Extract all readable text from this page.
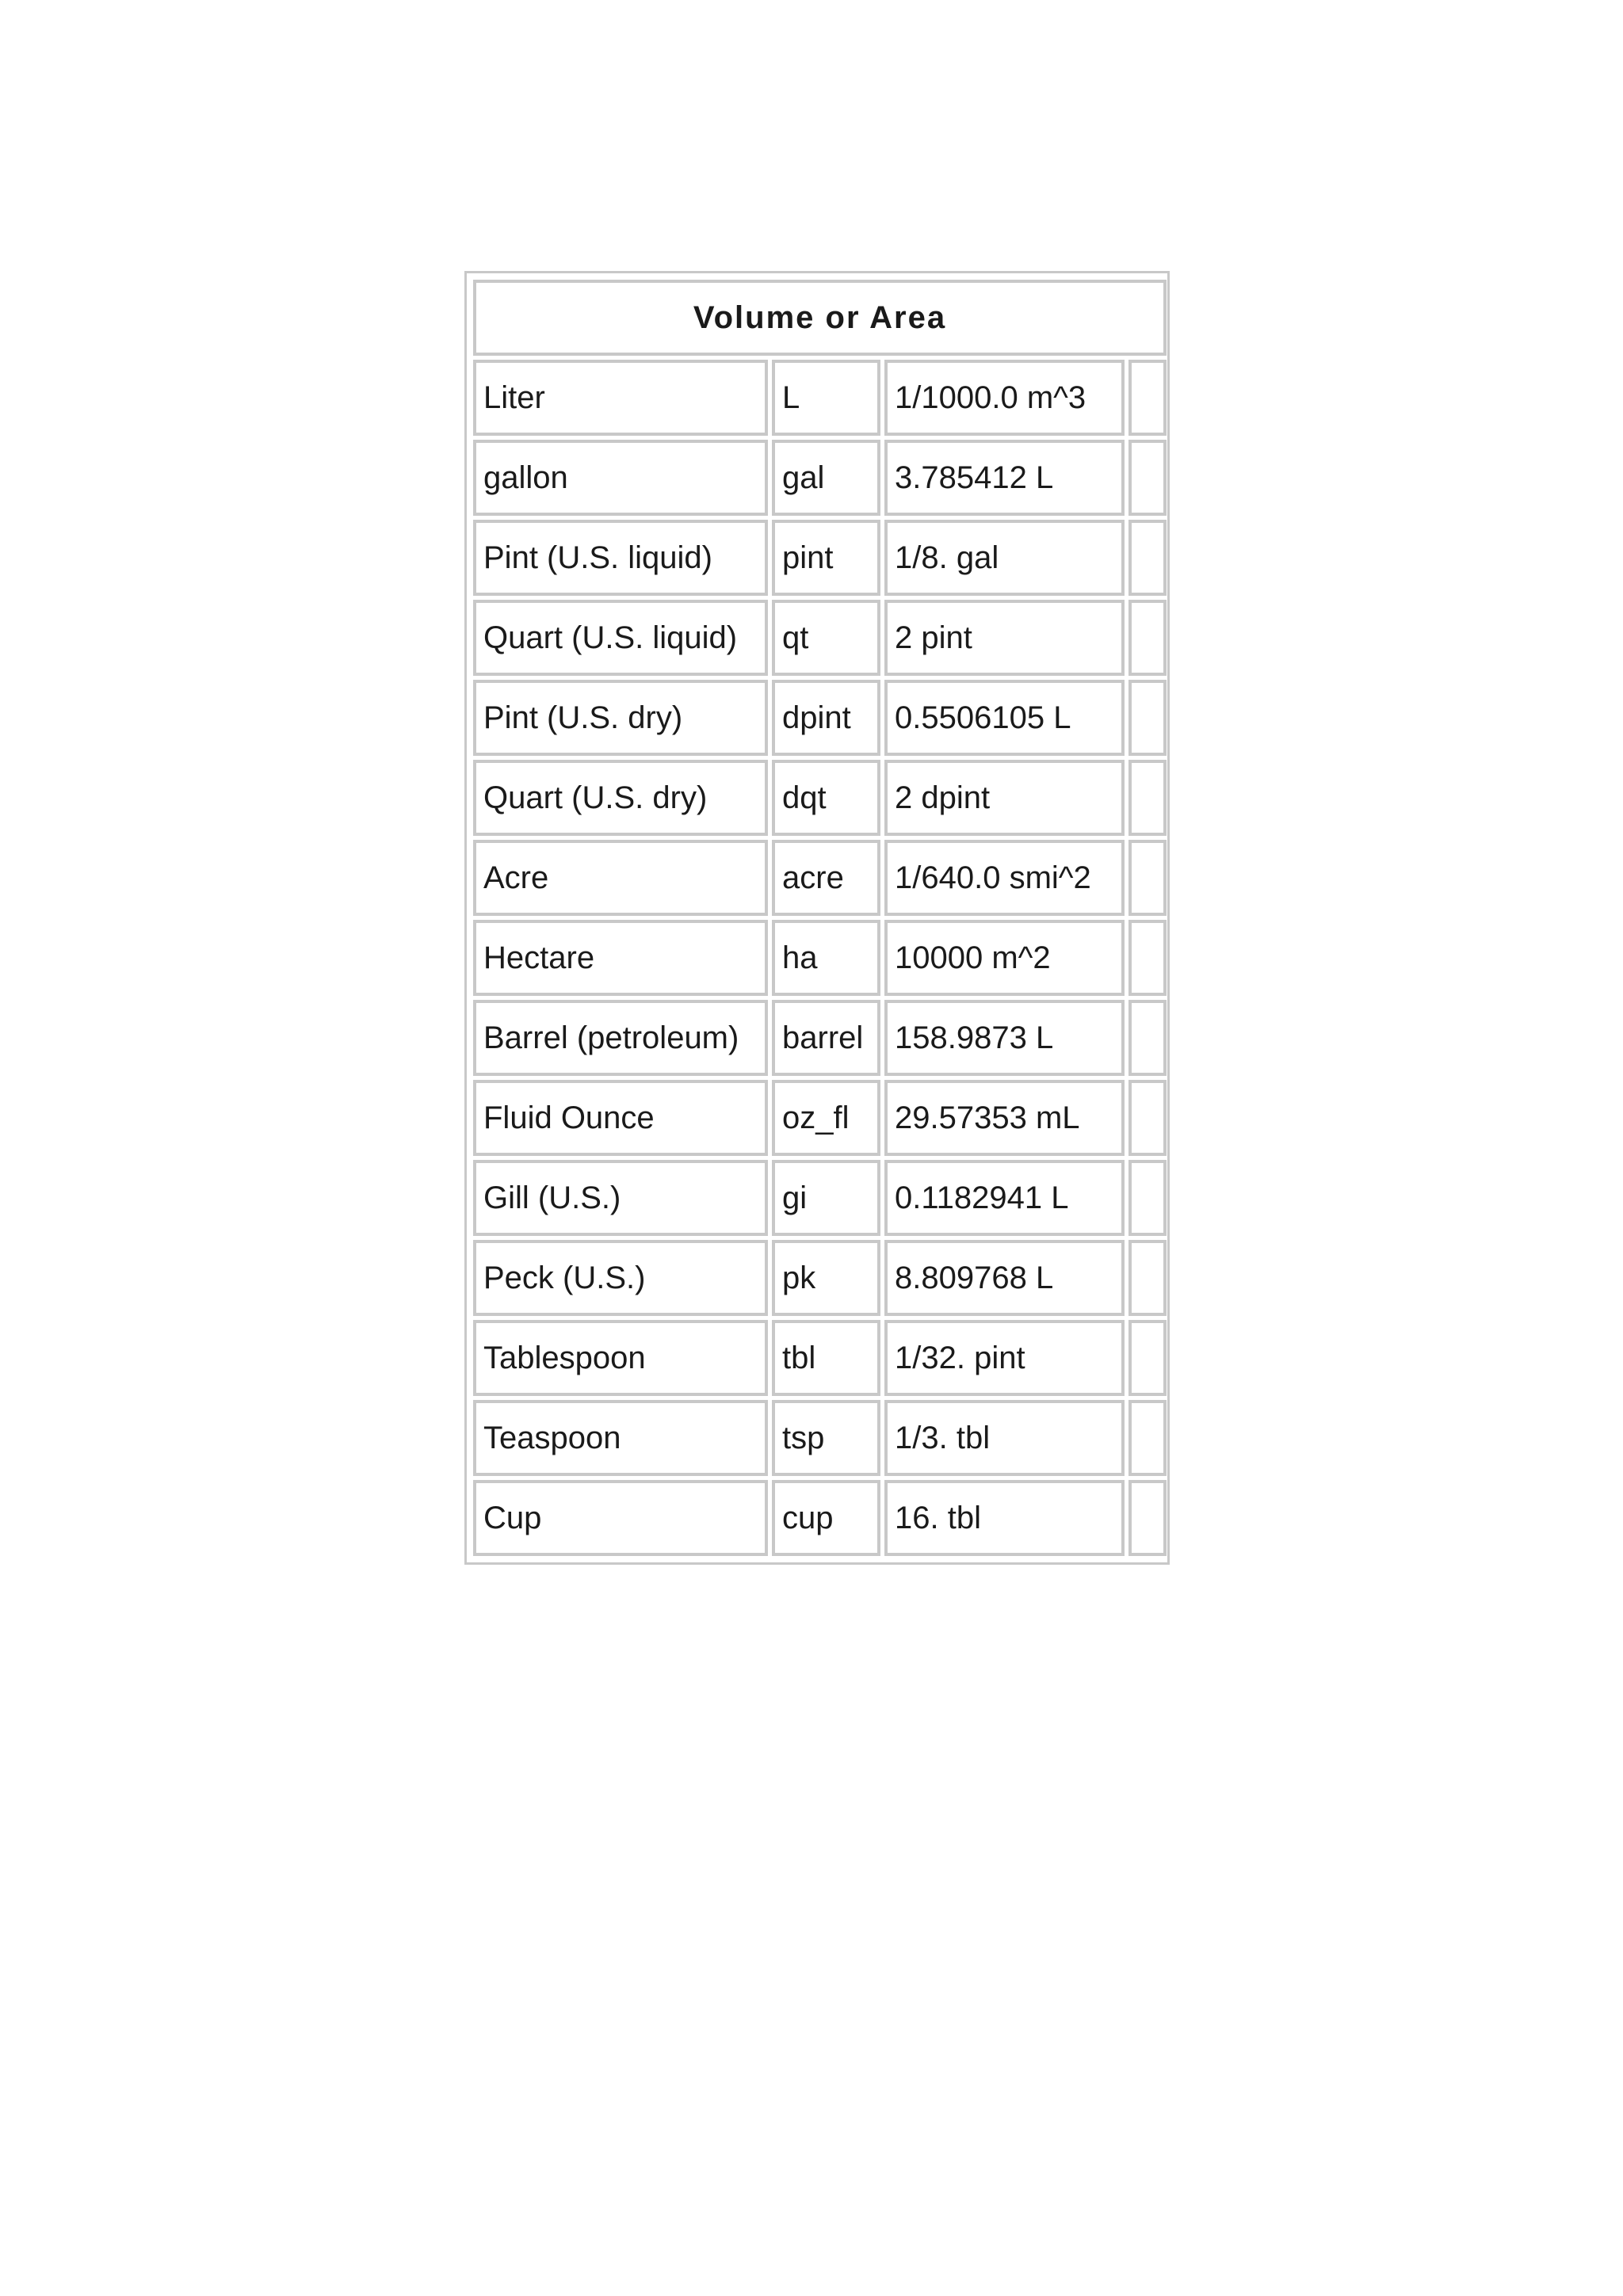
Volume or Area			
Liter	L	1/1000.0 m^3	
gallon	gal	3.785412 L	
Pint (U.S. liquid)	pint	1/8. gal	
Quart (U.S. liquid)	qt	2 pint	
Pint (U.S. dry)	dpint	0.5506105 L	
Quart (U.S. dry)	dqt	2 dpint	
Acre	acre	1/640.0 smi^2	
Hectare	ha	10000 m^2	
Barrel (petroleum)	barrel	158.9873 L	
Fluid Ounce	oz_fl	29.57353 mL	
Gill (U.S.)	gi	0.1182941 L	
Peck (U.S.)	pk	8.809768 L	
Tablespoon	tbl	1/32. pint	
Teaspoon	tsp	1/3. tbl	
Cup	cup	16. tbl	
